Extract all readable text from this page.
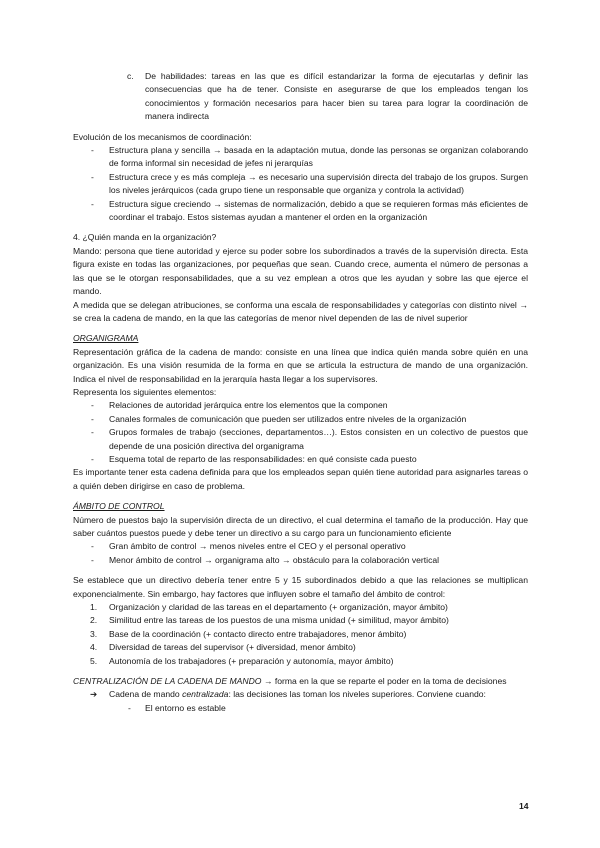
c. De habilidades: tareas en las que es difícil estandarizar la forma de ejecutarlas y definir las consecuencias que ha de tener. Consiste en asegurarse de que los empleados tengan los conocimientos y formación necesarios para hacer bien su tarea para lograr la coordinación de manera indirecta

Evolución de los mecanismos de coordinación:

- Estructura plana y sencilla → basada en la adaptación mutua, donde las personas se organizan colaborando de forma informal sin necesidad de jefes ni jerarquías
- Estructura crece y es más compleja → es necesario una supervisión directa del trabajo de los grupos. Surgen los niveles jerárquicos (cada grupo tiene un responsable que organiza y controla la actividad)
- Estructura sigue creciendo → sistemas de normalización, debido a que se requieren formas más eficientes de coordinar el trabajo. Estos sistemas ayudan a mantener el orden en la organización

4. ¿Quién manda en la organización?

Mando: persona que tiene autoridad y ejerce su poder sobre los subordinados a través de la supervisión directa. Esta figura existe en todas las organizaciones, por pequeñas que sean. Cuando crece, aumenta el número de personas a las que se le otorgan responsabilidades, que a su vez emplean a otros que les ayudan y sobre las que ejerce el mando.

A medida que se delegan atribuciones, se conforma una escala de responsabilidades y categorías con distinto nivel → se crea la cadena de mando, en la que las categorías de menor nivel dependen de las de nivel superior

ORGANIGRAMA

Representación gráfica de la cadena de mando: consiste en una línea que indica quién manda sobre quién en una organización. Es una visión resumida de la forma en que se articula la estructura de mando de una organización. Indica el nivel de responsabilidad en la jerarquía hasta llegar a los supervisores.

Representa los siguientes elementos:

- Relaciones de autoridad jerárquica entre los elementos que la componen
- Canales formales de comunicación que pueden ser utilizados entre niveles de la organización
- Grupos formales de trabajo (secciones, departamentos…). Estos consisten en un colectivo de puestos que depende de una posición directiva del organigrama
- Esquema total de reparto de las responsabilidades: en qué consiste cada puesto

Es importante tener esta cadena definida para que los empleados sepan quién tiene autoridad para asignarles tareas o a quién deben dirigirse en caso de problema.

ÁMBITO DE CONTROL

Número de puestos bajo la supervisión directa de un directivo, el cual determina el tamaño de la producción. Hay que saber cuántos puestos puede y debe tener un directivo a su cargo para un funcionamiento eficiente

- Gran ámbito de control → menos niveles entre el CEO y el personal operativo
- Menor ámbito de control → organigrama alto → obstáculo para la colaboración vertical

Se establece que un directivo debería tener entre 5 y 15 subordinados debido a que las relaciones se multiplican exponencialmente. Sin embargo, hay factores que influyen sobre el tamaño del ámbito de control:

1. Organización y claridad de las tareas en el departamento (+ organización, mayor ámbito)
2. Similitud entre las tareas de los puestos de una misma unidad (+ similitud, mayor ámbito)
3. Base de la coordinación (+ contacto directo entre trabajadores, menor ámbito)
4. Diversidad de tareas del supervisor (+ diversidad, menor ámbito)
5. Autonomía de los trabajadores (+ preparación y autonomía, mayor ámbito)

CENTRALIZACIÓN DE LA CADENA DE MANDO → forma en la que se reparte el poder en la toma de decisiones

➔ Cadena de mando centralizada: las decisiones las toman los niveles superiores. Conviene cuando:
- El entorno es estable
14
